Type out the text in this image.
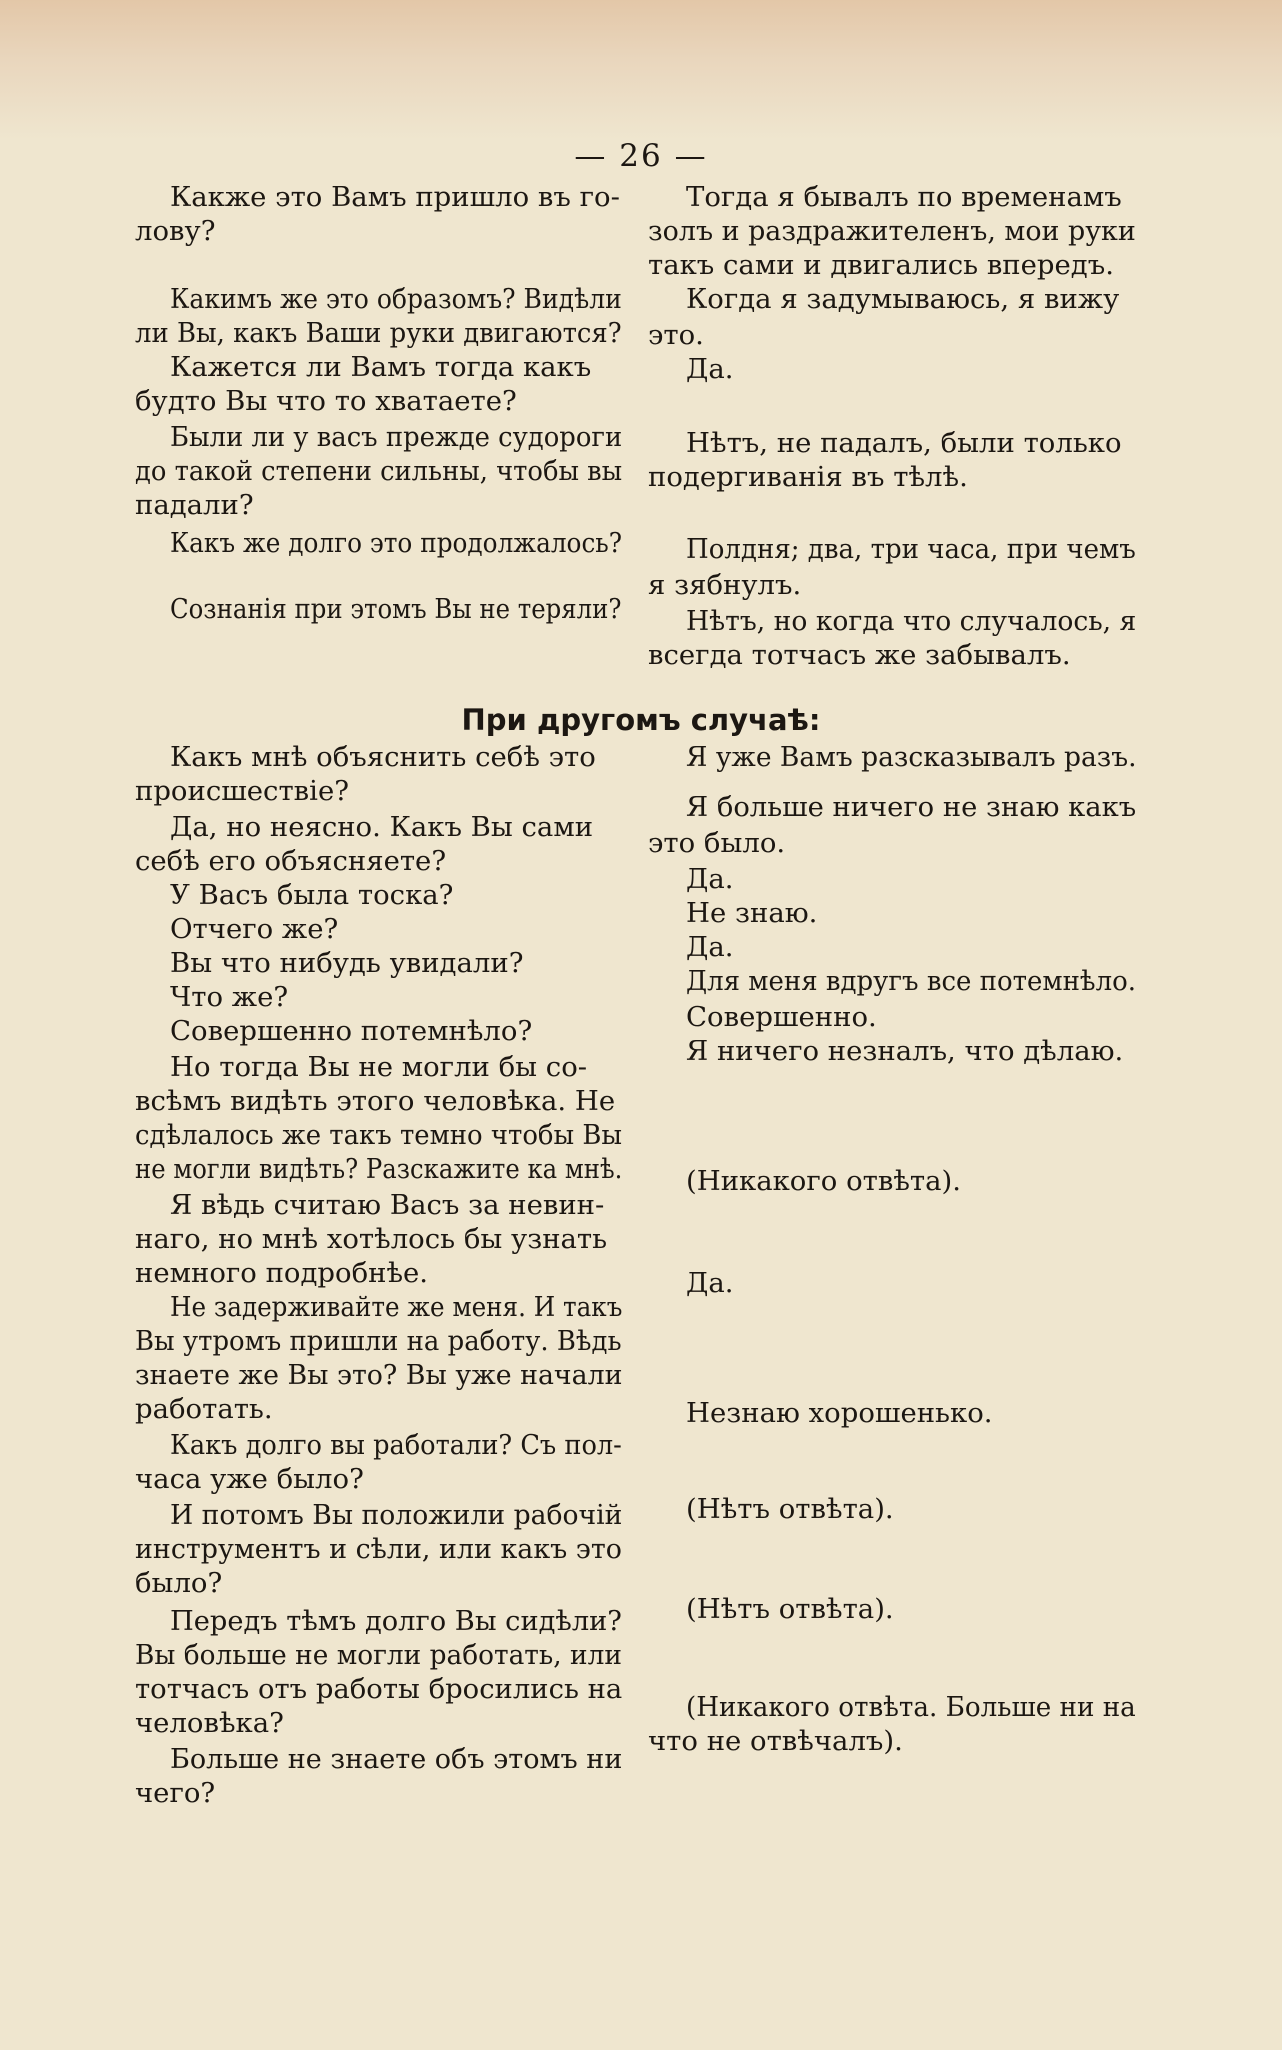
— 26 —
При другомъ случаѣ:
Какже это Вамъ пришло въ го-
лову?
Какимъ же это образомъ? Видѣли
ли Вы, какъ Ваши руки двигаются?
Кажется ли Вамъ тогда какъ
будто Вы что то хватаете?
Были ли у васъ прежде судороги
до такой степени сильны, чтобы вы
падали?
Какъ же долго это продолжалось?
Сознанія при этомъ Вы не теряли?
Какъ мнѣ объяснить себѣ это
происшествіе?
Да, но неясно. Какъ Вы сами
себѣ его объясняете?
У Васъ была тоска?
Отчего же?
Вы что нибудь увидали?
Что же?
Совершенно потемнѣло?
Но тогда Вы не могли бы со-
всѣмъ видѣть этого человѣка. Не
сдѣлалось же такъ темно чтобы Вы
не могли видѣть? Разскажите ка мнѣ.
Я вѣдь считаю Васъ за невин-
наго, но мнѣ хотѣлось бы узнать
немного подробнѣе.
Не задерживайте же меня. И такъ
Вы утромъ пришли на работу. Вѣдь
знаете же Вы это? Вы уже начали
работать.
Какъ долго вы работали? Съ пол-
часа уже было?
И потомъ Вы положили рабочій
инструментъ и сѣли, или какъ это
было?
Передъ тѣмъ долго Вы сидѣли?
Вы больше не могли работать, или
тотчасъ отъ работы бросились на
человѣка?
Больше не знаете объ этомъ ни
чего?
Тогда я бывалъ по временамъ
золъ и раздражителенъ, мои руки
такъ сами и двигались впередъ.
Когда я задумываюсь, я вижу
это.
Да.
Нѣтъ, не падалъ, были только
подергиванія въ тѣлѣ.
Полдня; два, три часа, при чемъ
я зябнулъ.
Нѣтъ, но когда что случалось, я
всегда тотчасъ же забывалъ.
Я уже Вамъ разсказывалъ разъ.
Я больше ничего не знаю какъ
это было.
Да.
Не знаю.
Да.
Для меня вдругъ все потемнѣло.
Совершенно.
Я ничего незналъ, что дѣлаю.
(Никакого отвѣта).
Да.
Незнаю хорошенько.
(Нѣтъ отвѣта).
(Нѣтъ отвѣта).
(Никакого отвѣта. Больше ни на
что не отвѣчалъ).
